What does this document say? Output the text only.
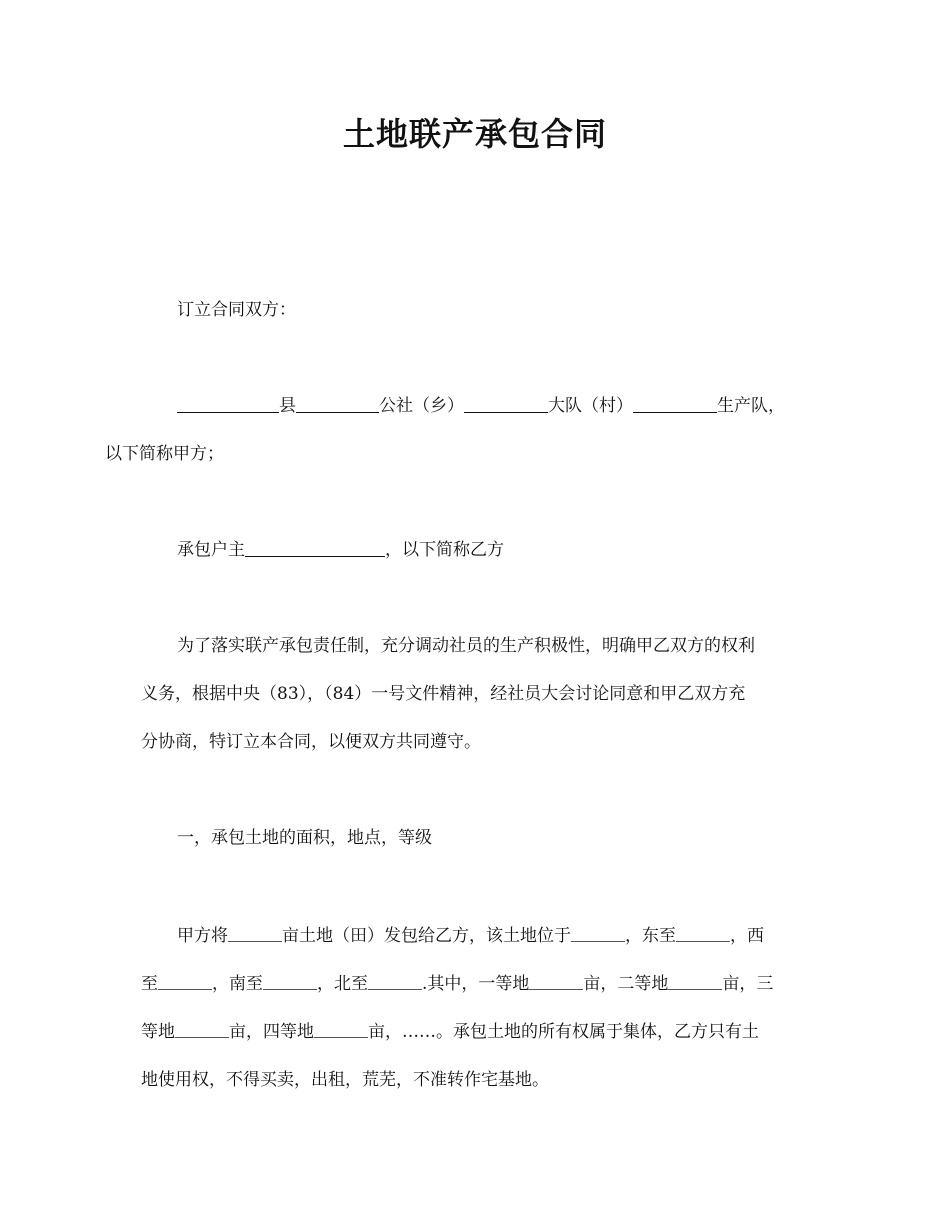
土地联产承包合同

订立合同双方：

县	公社（乡）	大队（村）	生产队，
以下简称甲方；

承包户主	，以下简称乙方

为了落实联产承包责任制，充分调动社员的生产积极性，明确甲乙双方的权利
义务，根据中央（83），（84）一号文件精神，经社员大会讨论同意和甲乙双方充
分协商，特订立本合同，以便双方共同遵守。

一，承包土地的面积，地点，等级

甲方将	亩土地（田）发包给乙方，该土地位于	，东至	，西
至	，南至	，北至	.其中，一等地	亩，二等地	亩，三
等地	亩，四等地	亩，……。承包土地的所有权属于集体，乙方只有土
地使用权，不得买卖，出租，荒芜，不准转作宅基地。
